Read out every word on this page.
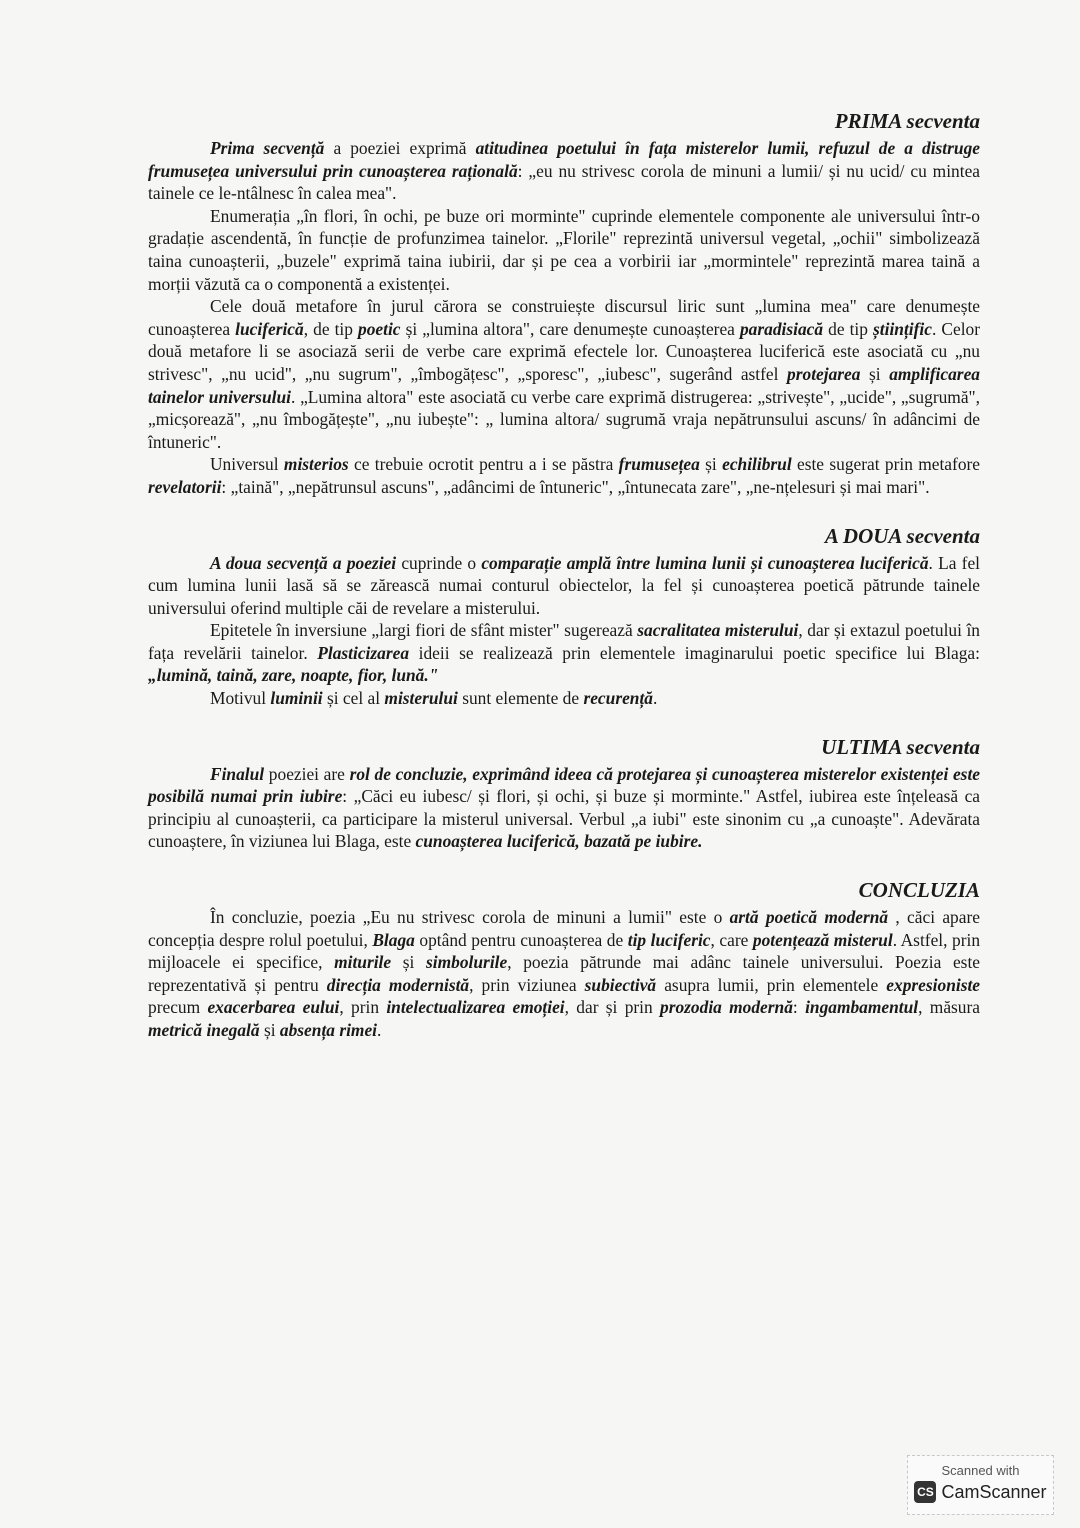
PRIMA secventa

Prima secvență a poeziei exprimă atitudinea poetului în fața misterelor lumii, refuzul de a distruge frumusețea universului prin cunoașterea rațională: „eu nu strivesc corola de minuni a lumii/ și nu ucid/ cu mintea tainele ce le-ntâlnesc în calea mea".

Enumerația „în flori, în ochi, pe buze ori morminte" cuprinde elementele componente ale universului într-o gradație ascendentă, în funcție de profunzimea tainelor. „Florile" reprezintă universul vegetal, „ochii" simbolizează taina cunoașterii, „buzele" exprimă taina iubirii, dar și pe cea a vorbirii iar „mormintele" reprezintă marea taină a morții văzută ca o componentă a existenței.

Cele două metafore în jurul cărora se construiește discursul liric sunt „lumina mea" care denumește cunoașterea luciferică, de tip poetic și „lumina altora", care denumește cunoașterea paradisiacă de tip științific. Celor două metafore li se asociază serii de verbe care exprimă efectele lor. Cunoașterea luciferică este asociată cu „nu strivesc", „nu ucid", „nu sugrum", „îmbogățesc", „sporesc", „iubesc", sugerând astfel protejarea și amplificarea tainelor universului. „Lumina altora" este asociată cu verbe care exprimă distrugerea: „strivește", „ucide", „sugrumă", „micșorează", „nu îmbogățește", „nu iubește": „ lumina altora/ sugrumă vraja nepătrunsului ascuns/ în adâncimi de întuneric".

Universul misterios ce trebuie ocrotit pentru a i se păstra frumusețea și echilibrul este sugerat prin metafore revelatorii: „taină", „nepătrunsul ascuns", „adâncimi de întuneric", „întunecata zare", „ne-nțelesuri și mai mari".

A DOUA secventa

A doua secvență a poeziei cuprinde o comparație amplă între lumina lunii și cunoașterea luciferică. La fel cum lumina lunii lasă să se zărească numai conturul obiectelor, la fel și cunoașterea poetică pătrunde tainele universului oferind multiple căi de revelare a misterului.

Epitetele în inversiune „largi fiori de sfânt mister" sugerează sacralitatea misterului, dar și extazul poetului în fața revelării tainelor. Plasticizarea ideii se realizează prin elementele imaginarului poetic specifice lui Blaga: „lumină, taină, zare, noapte, fior, lună."

Motivul luminii și cel al misterului sunt elemente de recurență.

ULTIMA secventa

Finalul poeziei are rol de concluzie, exprimând ideea că protejarea și cunoașterea misterelor existenței este posibilă numai prin iubire: „Căci eu iubesc/ și flori, și ochi, și buze și morminte." Astfel, iubirea este înțeleasă ca principiu al cunoașterii, ca participare la misterul universal. Verbul „a iubi" este sinonim cu „a cunoaște". Adevărata cunoaștere, în viziunea lui Blaga, este cunoașterea luciferică, bazată pe iubire.

CONCLUZIA

În concluzie, poezia „Eu nu strivesc corola de minuni a lumii" este o artă poetică modernă , căci apare concepția despre rolul poetului, Blaga optând pentru cunoașterea de tip luciferic, care potențează misterul. Astfel, prin mijloacele ei specifice, miturile și simbolurile, poezia pătrunde mai adânc tainele universului. Poezia este reprezentativă și pentru direcția modernistă, prin viziunea subiectivă asupra lumii, prin elementele expresioniste precum exacerbarea eului, prin intelectualizarea emoției, dar și prin prozodia modernă: ingambamentul, măsura metrică inegală și absența rimei.

Scanned with
CS CamScanner
